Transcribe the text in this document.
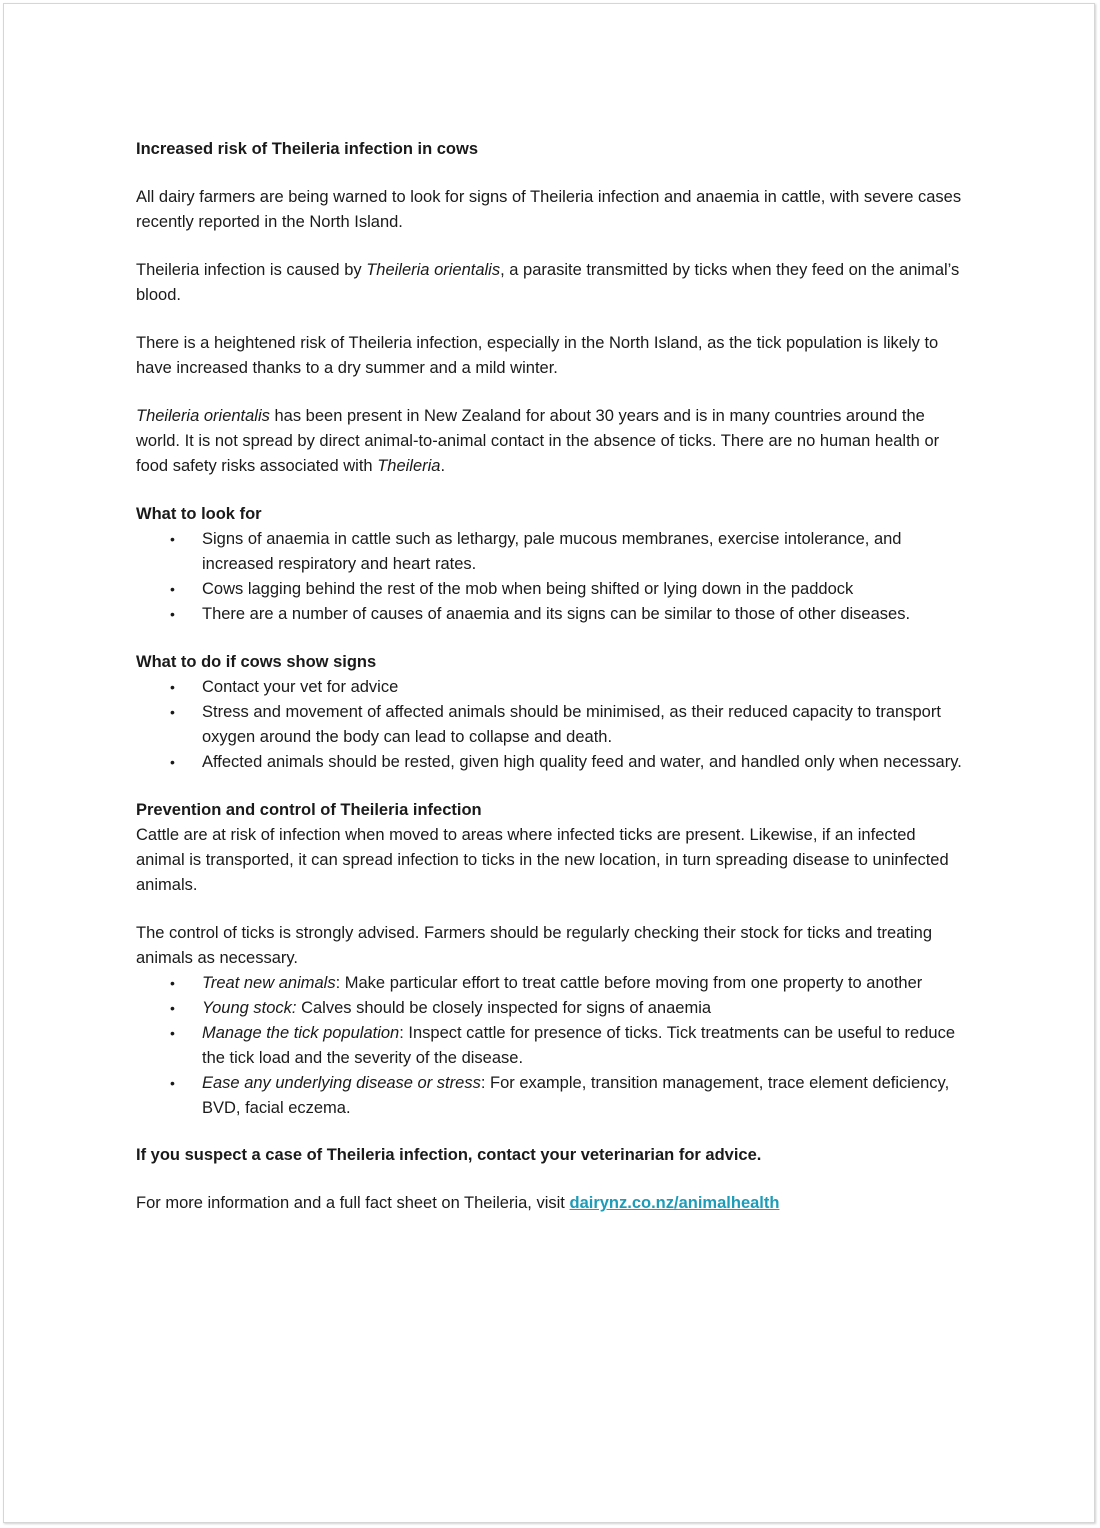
Increased risk of Theileria infection in cows

All dairy farmers are being warned to look for signs of Theileria infection and anaemia in cattle, with severe cases recently reported in the North Island.

Theileria infection is caused by Theileria orientalis, a parasite transmitted by ticks when they feed on the animal’s blood.

There is a heightened risk of Theileria infection, especially in the North Island, as the tick population is likely to have increased thanks to a dry summer and a mild winter.

Theileria orientalis has been present in New Zealand for about 30 years and is in many countries around the world. It is not spread by direct animal-to-animal contact in the absence of ticks. There are no human health or food safety risks associated with Theileria.

What to look for

• Signs of anaemia in cattle such as lethargy, pale mucous membranes, exercise intolerance, and increased respiratory and heart rates.
• Cows lagging behind the rest of the mob when being shifted or lying down in the paddock
• There are a number of causes of anaemia and its signs can be similar to those of other diseases.

What to do if cows show signs

• Contact your vet for advice
• Stress and movement of affected animals should be minimised, as their reduced capacity to transport oxygen around the body can lead to collapse and death.
• Affected animals should be rested, given high quality feed and water, and handled only when necessary.

Prevention and control of Theileria infection

Cattle are at risk of infection when moved to areas where infected ticks are present. Likewise, if an infected animal is transported, it can spread infection to ticks in the new location, in turn spreading disease to uninfected animals.

The control of ticks is strongly advised. Farmers should be regularly checking their stock for ticks and treating animals as necessary.

• Treat new animals: Make particular effort to treat cattle before moving from one property to another
• Young stock: Calves should be closely inspected for signs of anaemia
• Manage the tick population: Inspect cattle for presence of ticks. Tick treatments can be useful to reduce the tick load and the severity of the disease.
• Ease any underlying disease or stress: For example, transition management, trace element deficiency, BVD, facial eczema.

If you suspect a case of Theileria infection, contact your veterinarian for advice.

For more information and a full fact sheet on Theileria, visit dairynz.co.nz/animalhealth
